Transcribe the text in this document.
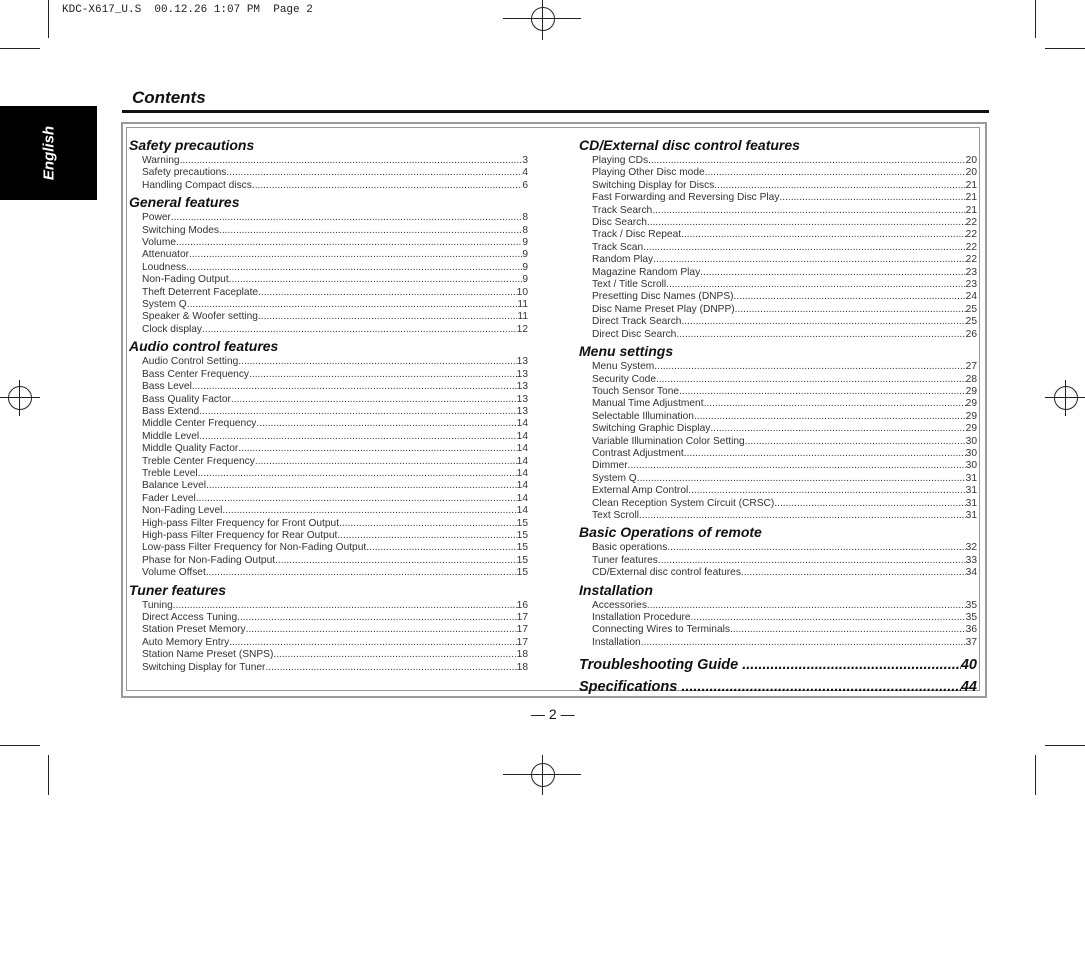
KDC-X617_U.S  00.12.26 1:07 PM  Page 2
English
Contents
Safety precautions
Warning .....	3
Safety precautions .....	4
Handling Compact discs .....	6
General features
Power .....	8
Switching Modes .....	8
Volume .....	9
Attenuator .....	9
Loudness .....	9
Non-Fading Output .....	9
Theft Deterrent Faceplate .....	10
System Q .....	11
Speaker & Woofer setting .....	11
Clock display .....	12
Audio control features
Audio Control Setting .....	13
Bass Center Frequency .....	13
Bass Level .....	13
Bass Quality Factor .....	13
Bass Extend .....	13
Middle Center Frequency .....	14
Middle Level .....	14
Middle Quality Factor .....	14
Treble Center Frequency .....	14
Treble Level .....	14
Balance Level .....	14
Fader Level .....	14
Non-Fading Level .....	14
High-pass Filter Frequency for Front Output .....	15
High-pass Filter Frequency for Rear Output .....	15
Low-pass Filter Frequency for Non-Fading Output .....	15
Phase for Non-Fading Output .....	15
Volume Offset .....	15
Tuner features
Tuning .....	16
Direct Access Tuning .....	17
Station Preset Memory .....	17
Auto Memory Entry .....	17
Station Name Preset (SNPS) .....	18
Switching Display for Tuner .....	18
CD/External disc control features
Playing CDs .....	20
Playing Other Disc mode .....	20
Switching Display for Discs .....	21
Fast Forwarding and Reversing Disc Play .....	21
Track Search .....	21
Disc Search .....	22
Track / Disc Repeat .....	22
Track Scan .....	22
Random Play .....	22
Magazine Random Play .....	23
Text / Title Scroll .....	23
Presetting Disc Names (DNPS) .....	24
Disc Name Preset Play (DNPP) .....	25
Direct Track Search .....	25
Direct Disc Search .....	26
Menu settings
Menu System .....	27
Security Code .....	28
Touch Sensor Tone .....	29
Manual Time Adjustment .....	29
Selectable Illumination .....	29
Switching Graphic Display .....	29
Variable Illumination Color Setting .....	30
Contrast Adjustment .....	30
Dimmer .....	30
System Q .....	31
External Amp Control .....	31
Clean Reception System Circuit (CRSC) .....	31
Text Scroll .....	31
Basic Operations of remote
Basic operations .....	32
Tuner features .....	33
CD/External disc control features .....	34
Installation
Accessories .....	35
Installation Procedure .....	35
Connecting Wires to Terminals .....	36
Installation .....	37
Troubleshooting Guide .....	40
Specifications .....	44
— 2 —
